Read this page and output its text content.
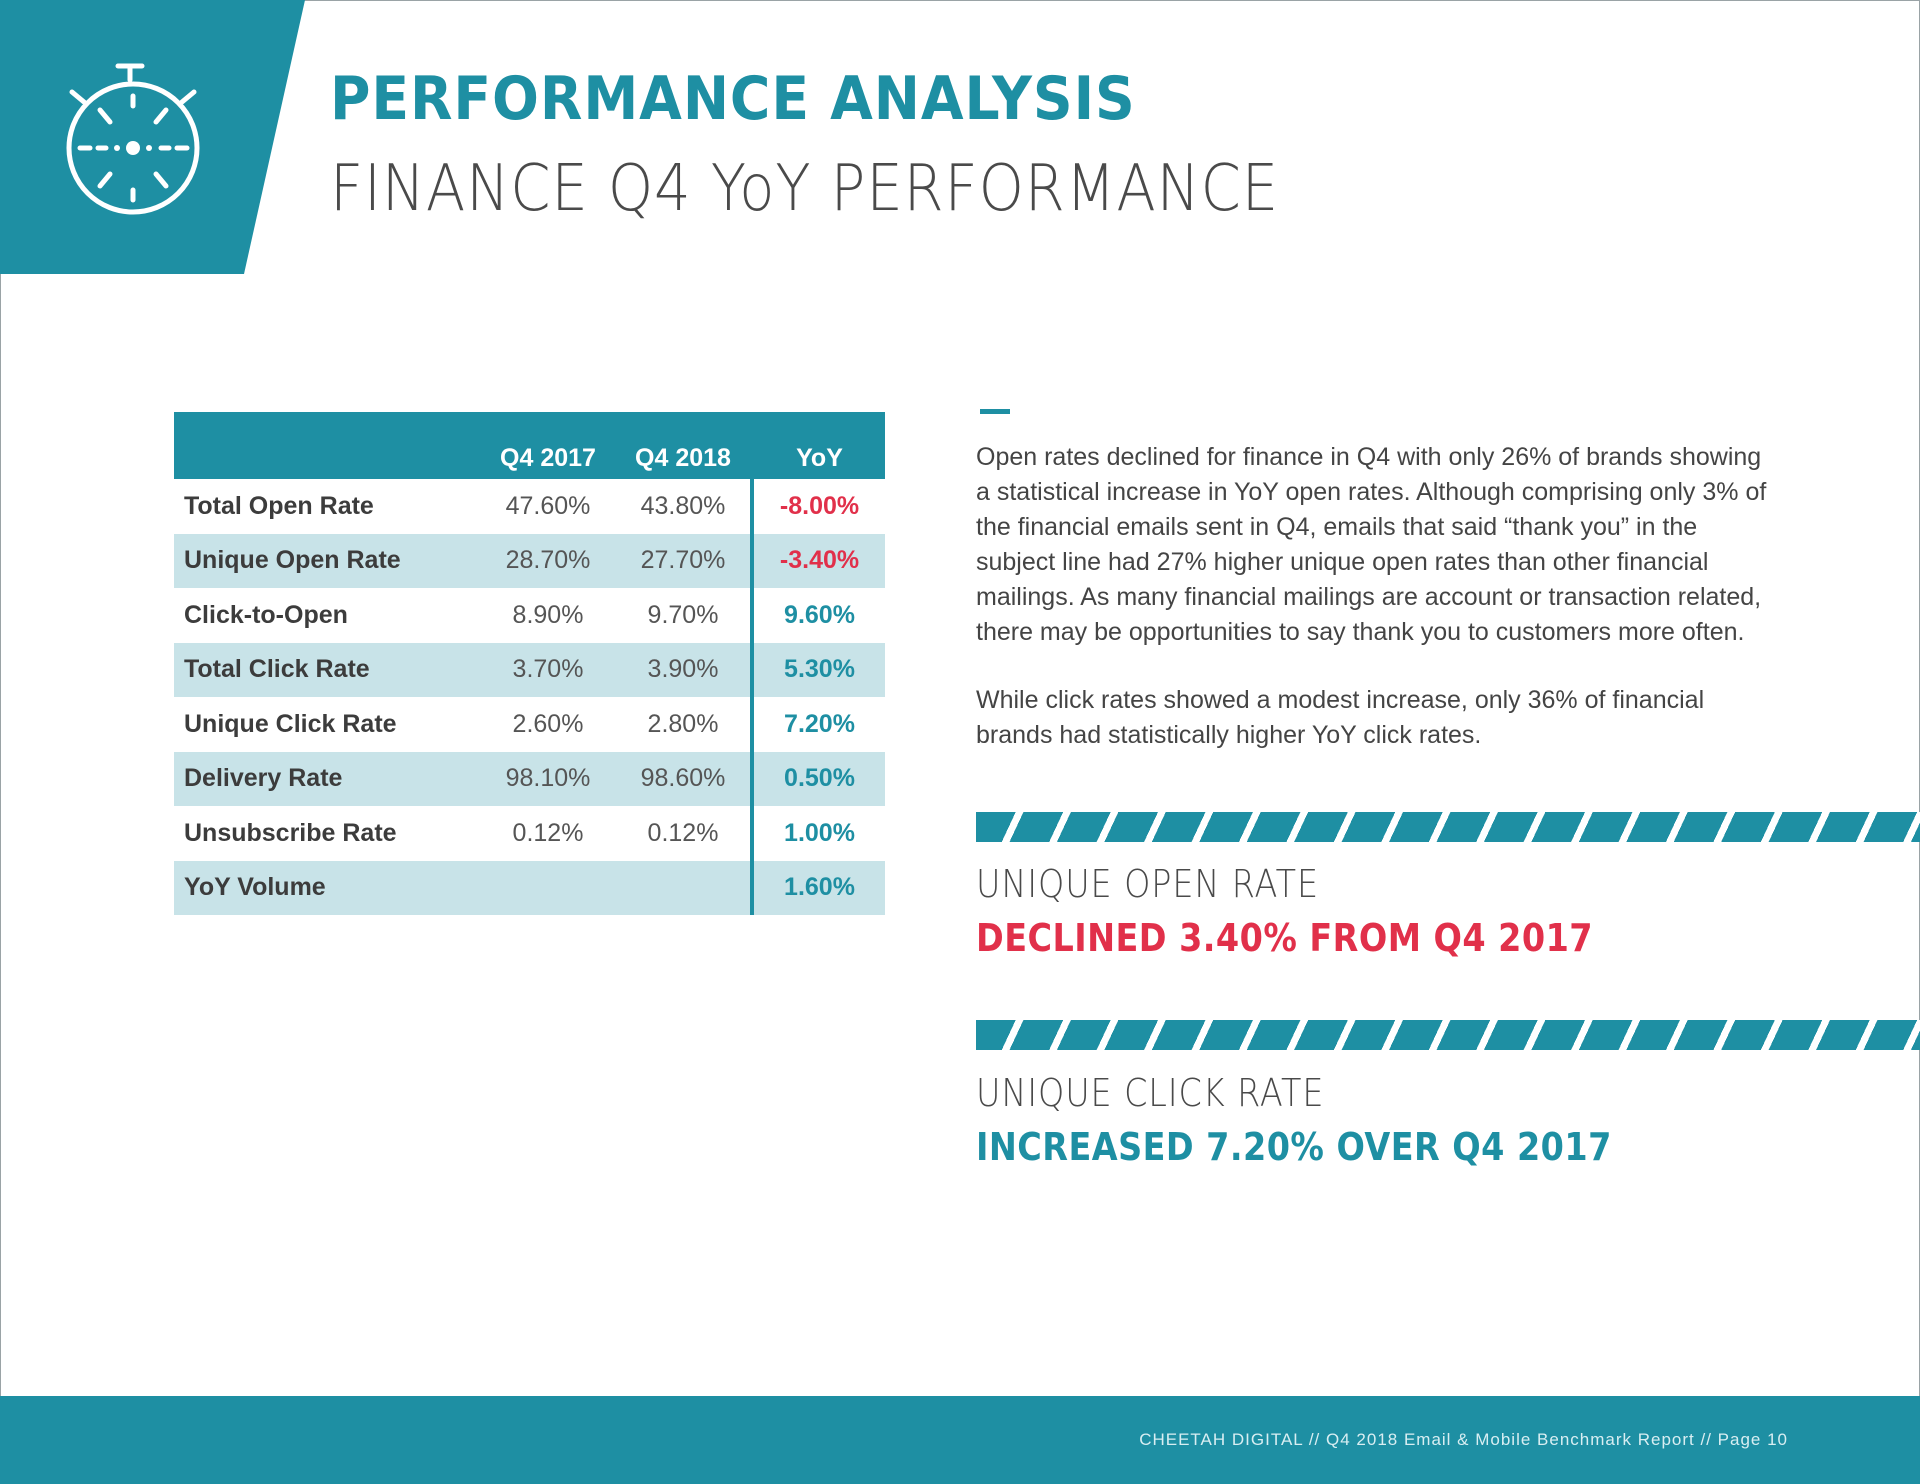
PERFORMANCE ANALYSIS
FINANCE Q4 YoY PERFORMANCE
	Q4 2017	Q4 2018	YoY
Total Open Rate	47.60%	43.80%	-8.00%
Unique Open Rate	28.70%	27.70%	-3.40%
Click-to-Open	8.90%	9.70%	9.60%
Total Click Rate	3.70%	3.90%	5.30%
Unique Click Rate	2.60%	2.80%	7.20%
Delivery Rate	98.10%	98.60%	0.50%
Unsubscribe Rate	0.12%	0.12%	1.00%
YoY Volume			1.60%
Open rates declined for finance in Q4 with only 26% of brands showing a statistical increase in YoY open rates. Although comprising only 3% of the financial emails sent in Q4, emails that said “thank you” in the subject line had 27% higher unique open rates than other financial mailings. As many financial mailings are account or transaction related, there may be opportunities to say thank you to customers more often.
While click rates showed a modest increase, only 36% of financial brands had statistically higher YoY click rates.
UNIQUE OPEN RATE
DECLINED 3.40% FROM Q4 2017
UNIQUE CLICK RATE
INCREASED 7.20% OVER Q4 2017
CHEETAH DIGITAL // Q4 2018 Email & Mobile Benchmark Report // Page 10
